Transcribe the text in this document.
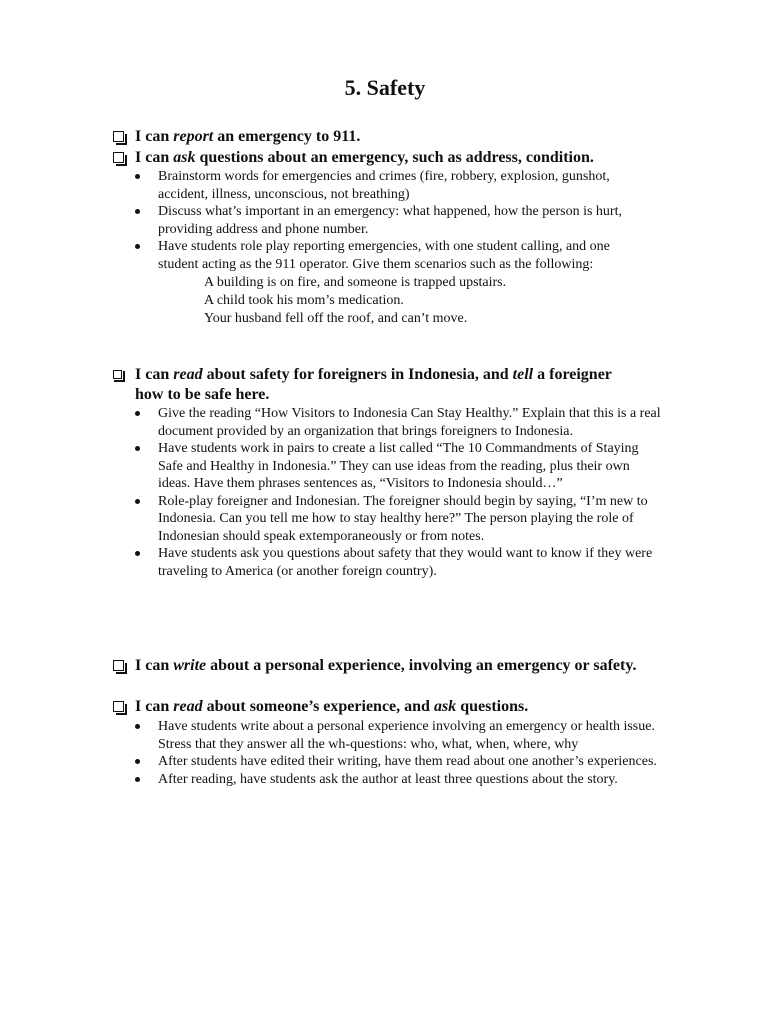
5. Safety
I can report an emergency to 911.
I can ask questions about an emergency, such as address, condition.
Brainstorm words for emergencies and crimes (fire, robbery, explosion, gunshot, accident, illness, unconscious, not breathing)
Discuss what’s important in an emergency: what happened, how the person is hurt, providing address and phone number.
Have students role play reporting emergencies, with one student calling, and one student acting as the 911 operator. Give them scenarios such as the following:
A building is on fire, and someone is trapped upstairs.
A child took his mom’s medication.
Your husband fell off the roof, and can’t move.
I can read about safety for foreigners in Indonesia, and tell a foreigner how to be safe here.
Give the reading “How Visitors to Indonesia Can Stay Healthy.” Explain that this is a real document provided by an organization that brings foreigners to Indonesia.
Have students work in pairs to create a list called “The 10 Commandments of Staying Safe and Healthy in Indonesia.” They can use ideas from the reading, plus their own ideas. Have them phrases sentences as, “Visitors to Indonesia should…”
Role-play foreigner and Indonesian. The foreigner should begin by saying, “I’m new to Indonesia. Can you tell me how to stay healthy here?” The person playing the role of Indonesian should speak extemporaneously or from notes.
Have students ask you questions about safety that they would want to know if they were traveling to America (or another foreign country).
I can write about a personal experience, involving an emergency or safety.
I can read about someone’s experience, and ask questions.
Have students write about a personal experience involving an emergency or health issue. Stress that they answer all the wh-questions: who, what, when, where, why
After students have edited their writing, have them read about one another’s experiences.
After reading, have students ask the author at least three questions about the story.
